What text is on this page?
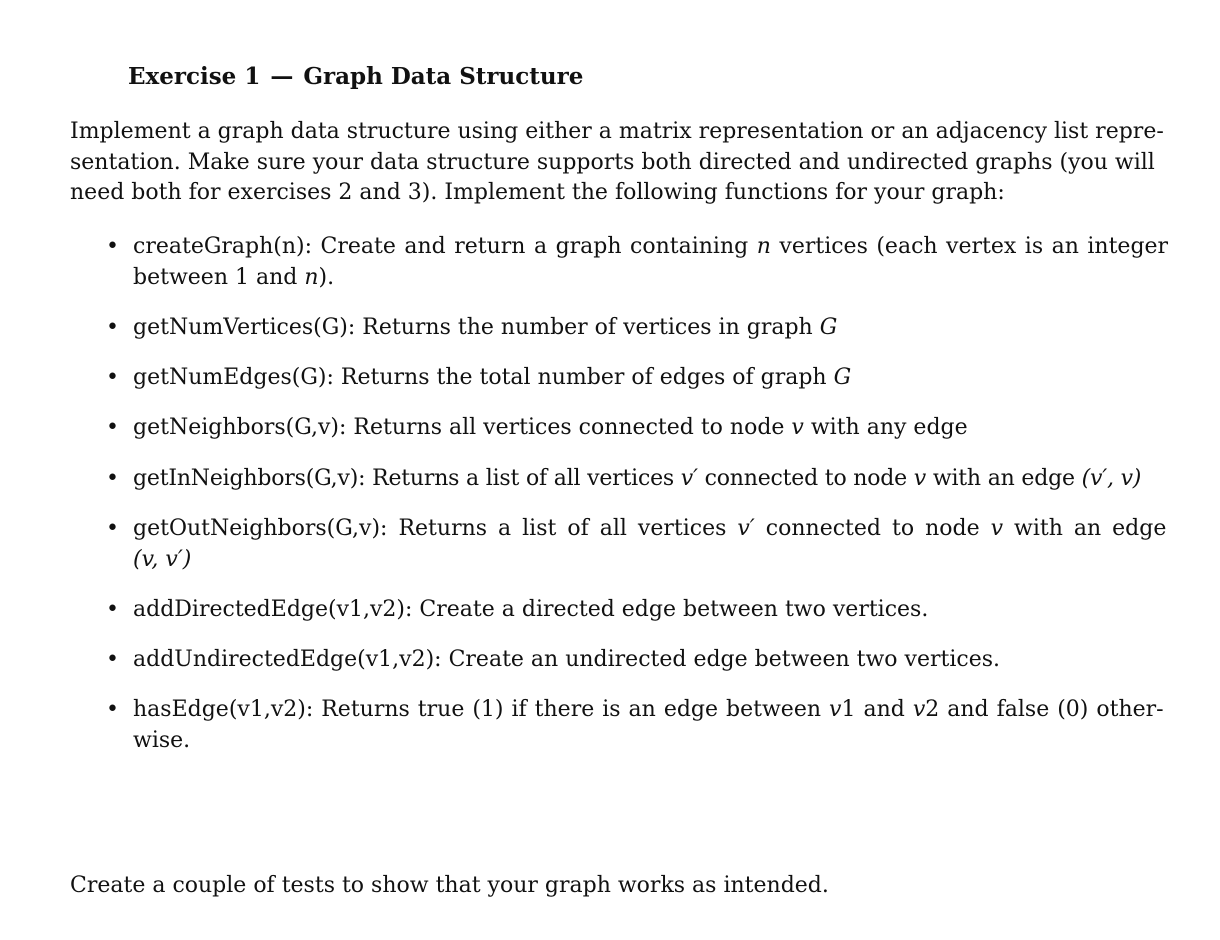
Exercise 1 — Graph Data Structure
Implement a graph data structure using either a matrix representation or an adjacency list repre-
sentation. Make sure your data structure supports both directed and undirected graphs (you will
need both for exercises 2 and 3). Implement the following functions for your graph:
• createGraph(n): Create and return a graph containing n vertices (each vertex is an integer
between 1 and n).
• getNumVertices(G): Returns the number of vertices in graph G
• getNumEdges(G): Returns the total number of edges of graph G
• getNeighbors(G,v): Returns all vertices connected to node v with any edge
• getInNeighbors(G,v): Returns a list of all vertices v′ connected to node v with an edge (v′, v)
• getOutNeighbors(G,v): Returns a list of all vertices v′ connected to node v with an edge
(v, v′)
• addDirectedEdge(v1,v2): Create a directed edge between two vertices.
• addUndirectedEdge(v1,v2): Create an undirected edge between two vertices.
• hasEdge(v1,v2): Returns true (1) if there is an edge between v1 and v2 and false (0) other-
wise.
Create a couple of tests to show that your graph works as intended.
